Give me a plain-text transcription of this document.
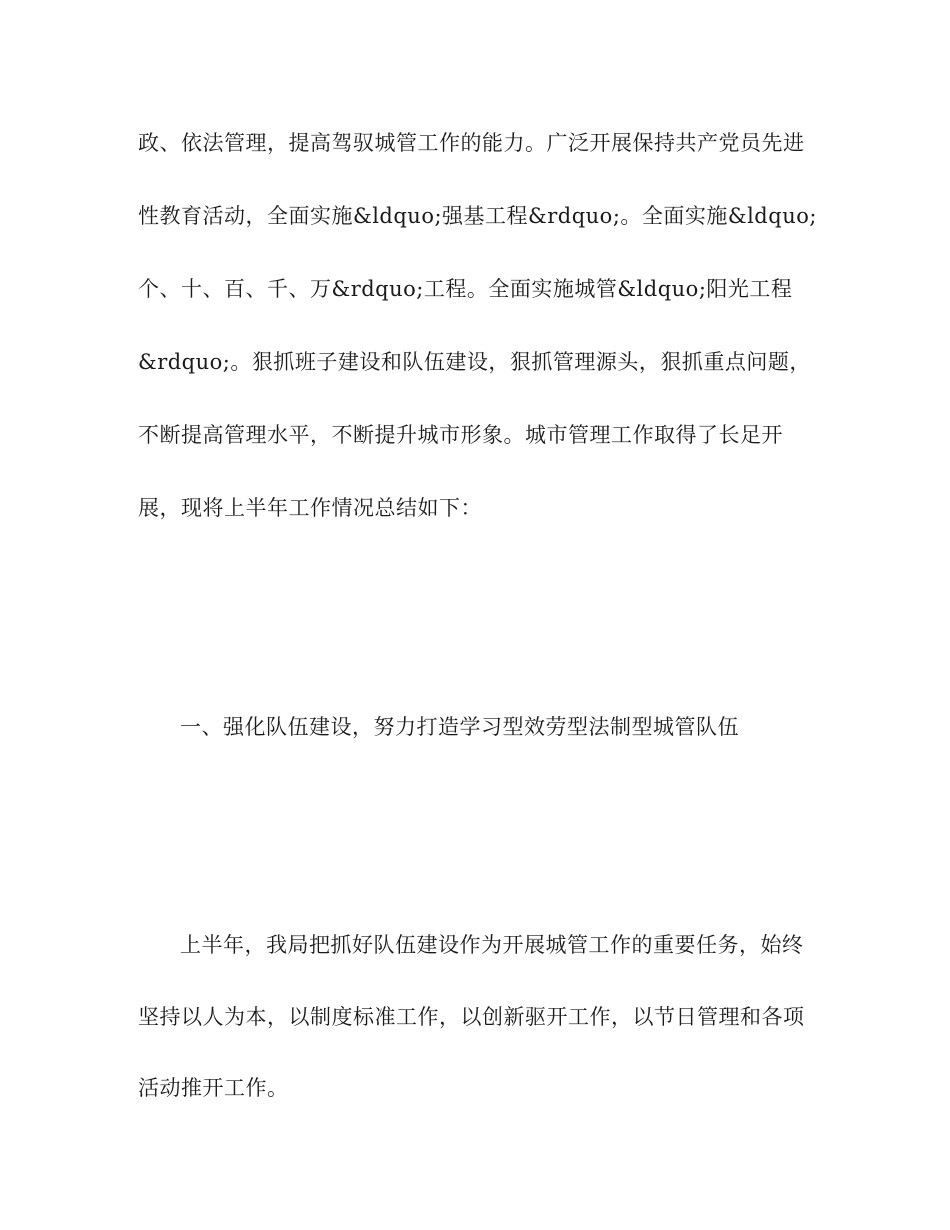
政、依法管理，提高驾驭城管工作的能力。广泛开展保持共产党员先进
性教育活动，全面实施&ldquo;强基工程&rdquo;。全面实施&ldquo;
个、十、百、千、万&rdquo;工程。全面实施城管&ldquo;阳光工程
&rdquo;。狠抓班子建设和队伍建设，狠抓管理源头，狠抓重点问题，
不断提高管理水平，不断提升城市形象。城市管理工作取得了长足开
展，现将上半年工作情况总结如下：
一、强化队伍建设，努力打造学习型效劳型法制型城管队伍
上半年，我局把抓好队伍建设作为开展城管工作的重要任务，始终
坚持以人为本，以制度标准工作，以创新驱开工作，以节日管理和各项
活动推开工作。
